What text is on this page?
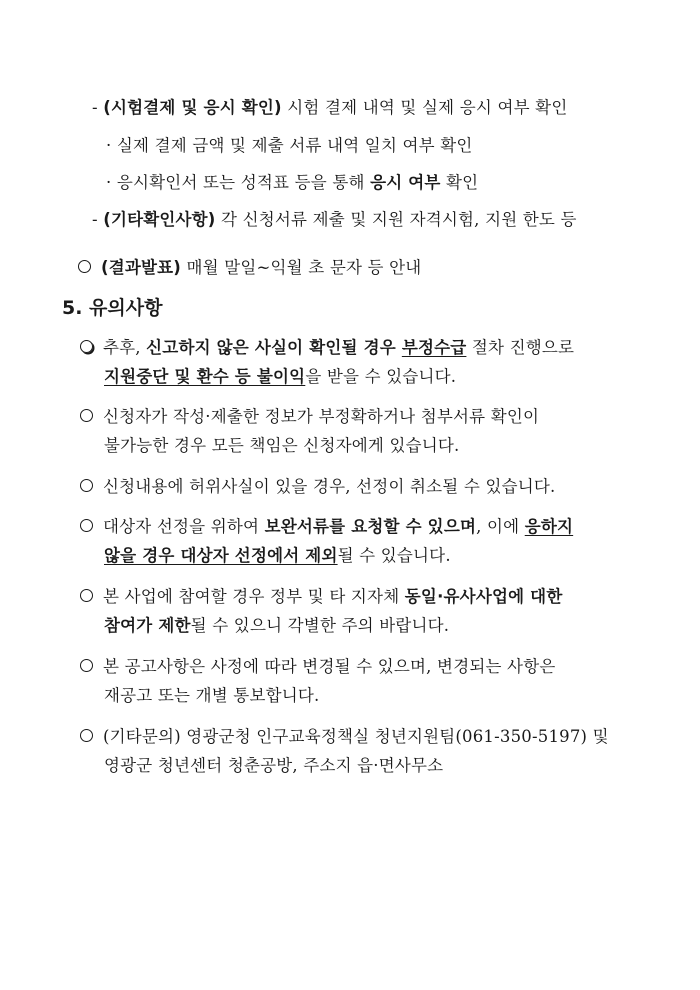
- (시험결제 및 응시 확인) 시험 결제 내역 및 실제 응시 여부 확인
· 실제 결제 금액 및 제출 서류 내역 일치 여부 확인
· 응시확인서 또는 성적표 등을 통해 응시 여부 확인
- (기타확인사항) 각 신청서류 제출 및 지원 자격시험, 지원 한도 등
(결과발표) 매월 말일~익월 초 문자 등 안내
5. 유의사항
추후, 신고하지 않은 사실이 확인될 경우 부정수급 절차 진행으로
지원중단 및 환수 등 불이익을 받을 수 있습니다.
신청자가 작성·제출한 정보가 부정확하거나 첨부서류 확인이
불가능한 경우 모든 책임은 신청자에게 있습니다.
신청내용에 허위사실이 있을 경우, 선정이 취소될 수 있습니다.
대상자 선정을 위하여 보완서류를 요청할 수 있으며, 이에 응하지
않을 경우 대상자 선정에서 제외될 수 있습니다.
본 사업에 참여할 경우 정부 및 타 지자체 동일·유사사업에 대한
참여가 제한될 수 있으니 각별한 주의 바랍니다.
본 공고사항은 사정에 따라 변경될 수 있으며, 변경되는 사항은
재공고 또는 개별 통보합니다.
(기타문의) 영광군청 인구교육정책실 청년지원팀(061-350-5197) 및
영광군 청년센터 청춘공방, 주소지 읍·면사무소
